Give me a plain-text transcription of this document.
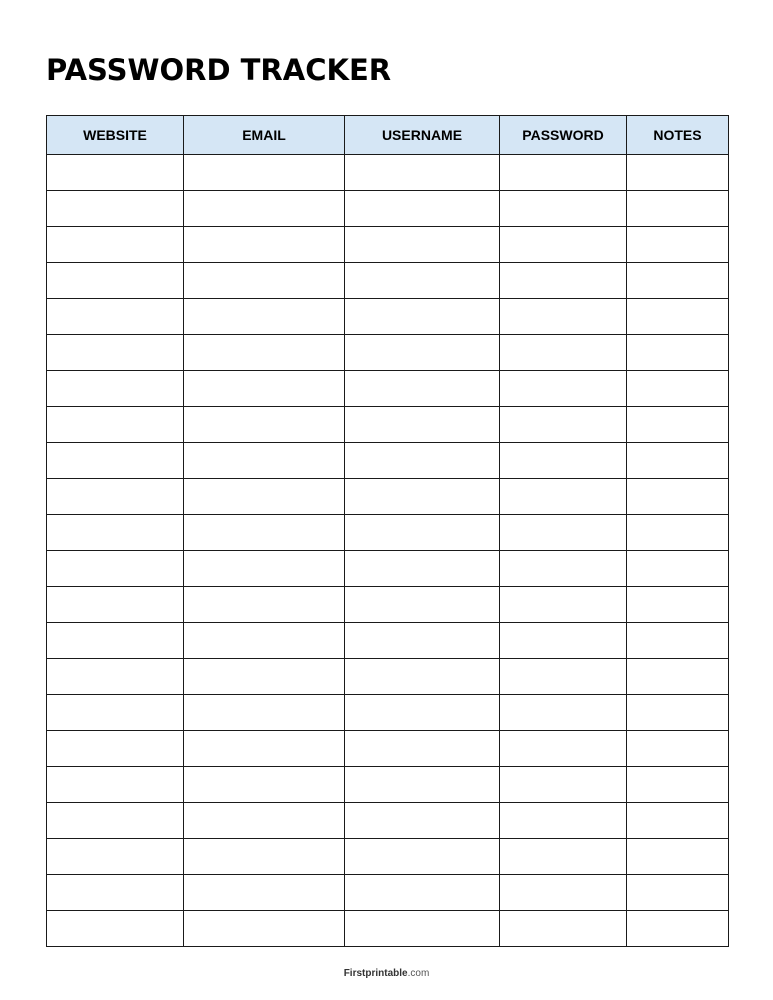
PASSWORD TRACKER
WEBSITE	EMAIL	USERNAME	PASSWORD	NOTES

Firstprintable.com
